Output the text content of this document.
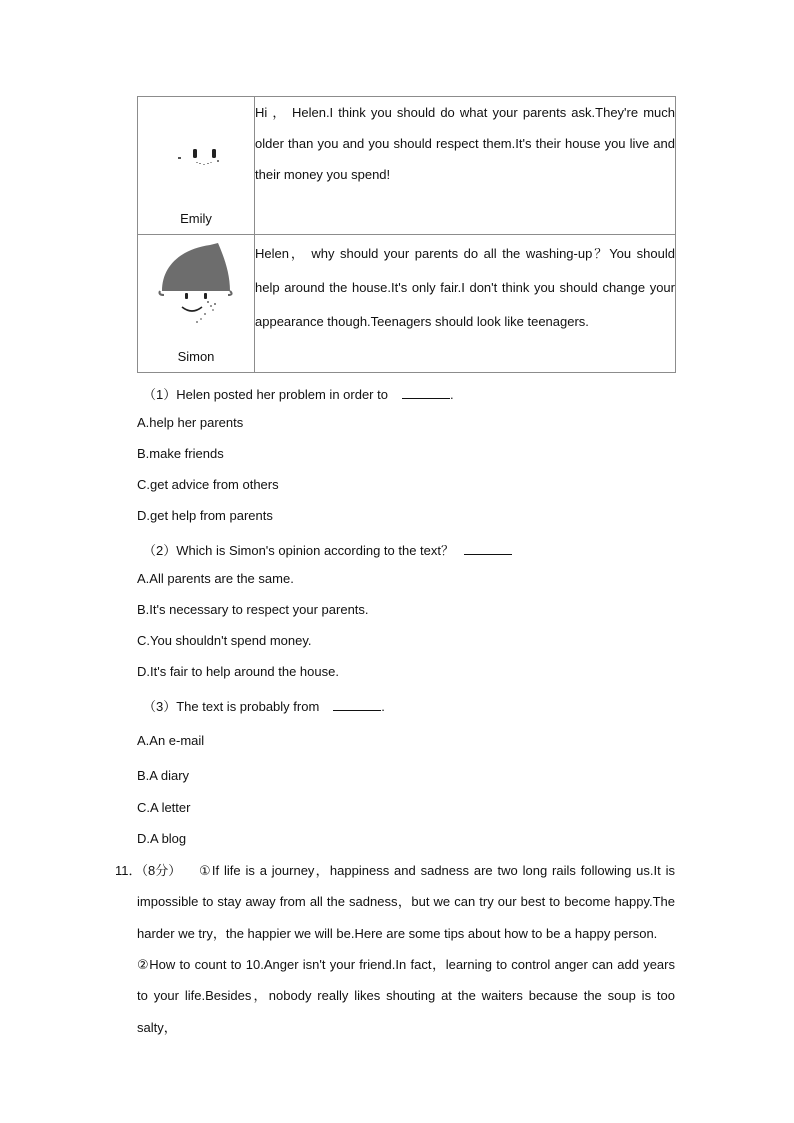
Emily	Hi ， Helen.I think you should do what your parents ask.They're much older than you and you should respect them.It's their house you live and their money you spend!

Simon	Helen， why should your parents do all the washing-up？You should help around the house.It's only fair.I don't think you should change your appearance though.Teenagers should look like teenagers.

（1）Helen posted her problem in order to	.
A.help her parents
B.make friends
C.get advice from others
D.get help from parents
（2）Which is Simon's opinion according to the text？
A.All parents are the same.
B.It's necessary to respect your parents.
C.You shouldn't spend money.
D.It's fair to help around the house.
（3）The text is probably from	.
A.An e-mail
B.A diary
C.A letter
D.A blog
11．（8分）	①If life is a journey，happiness and sadness are two long rails following us.It is impossible to stay away from all the sadness，but we can try our best to become happy.The harder we try，the happier we will be.Here are some tips about how to be a happy person.
②How to count to 10.Anger isn't your friend.In fact，learning to control anger can add years to your life.Besides，nobody really likes shouting at the waiters because the soup is too salty，
